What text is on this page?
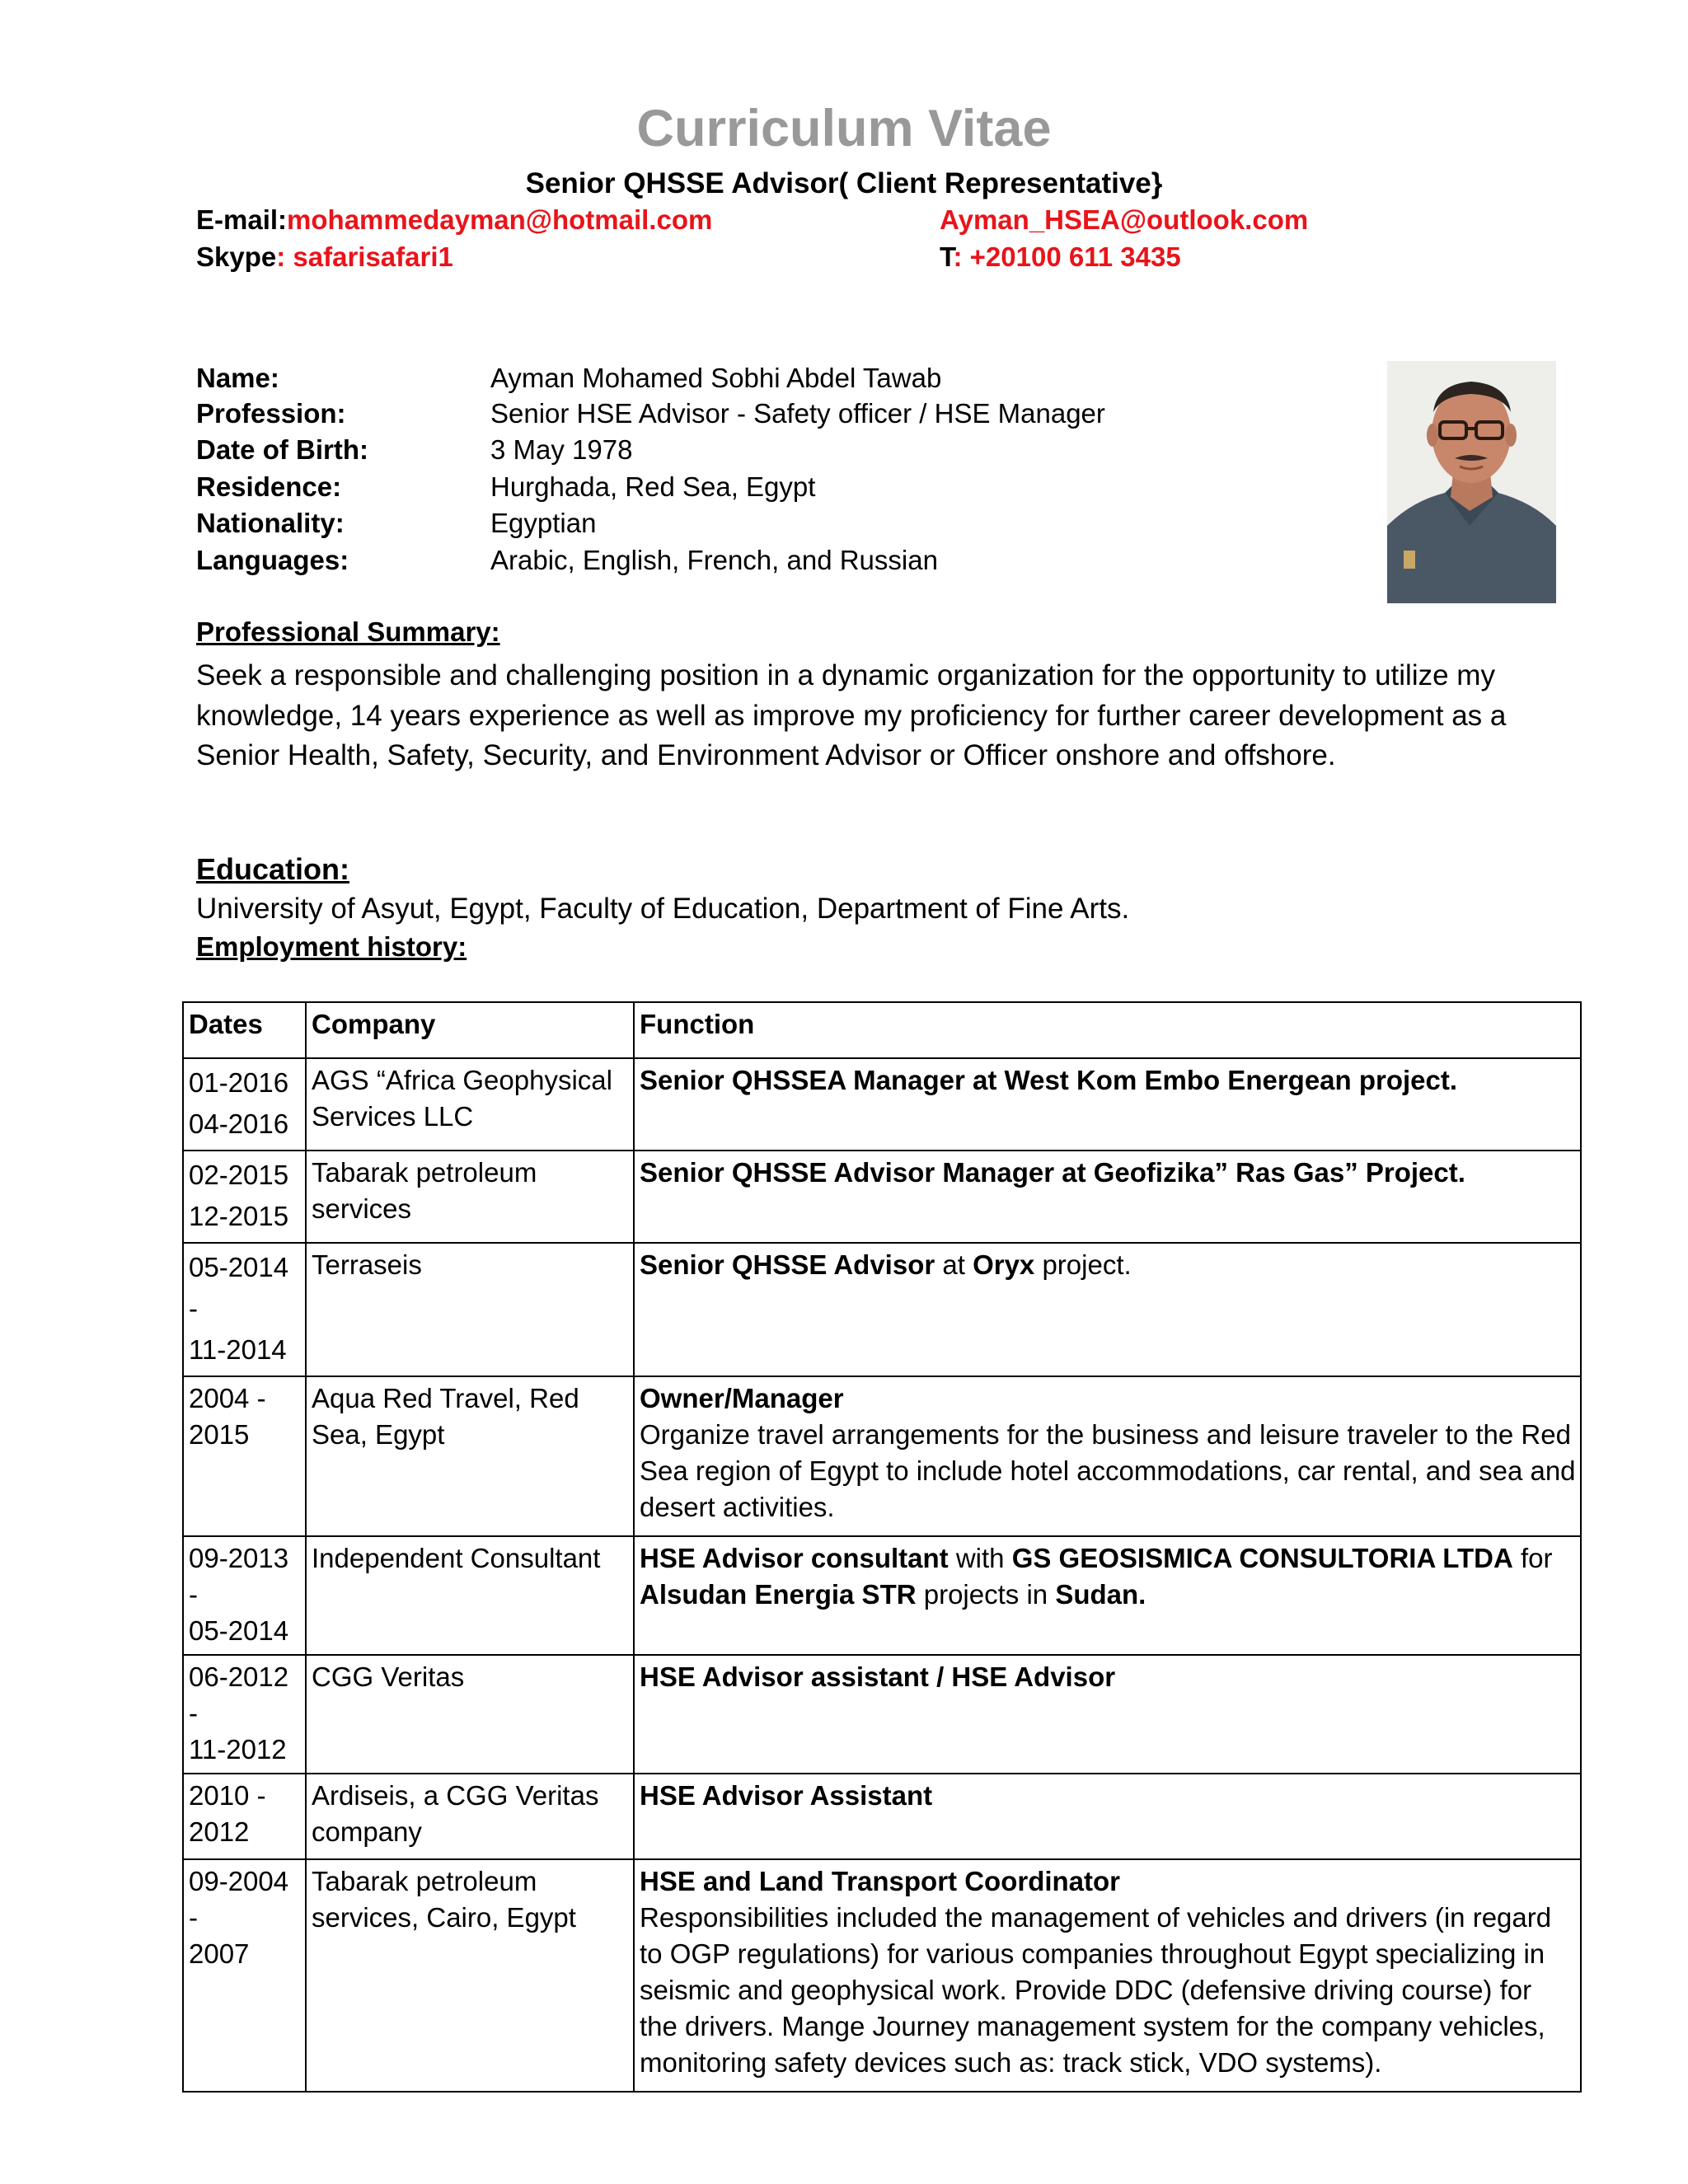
Curriculum Vitae
Senior QHSSE Advisor( Client Representative}
E-mail:mohammedayman@hotmail.com	Ayman_HSEA@outlook.com
Skype: safarisafari1	T: +20100 611 3435
Name:	Ayman Mohamed Sobhi Abdel Tawab
Profession:	Senior HSE Advisor - Safety officer / HSE Manager
Date of Birth:	3 May 1978
Residence:	Hurghada, Red Sea, Egypt
Nationality:	Egyptian
Languages:	Arabic, English, French, and Russian
Professional Summary:
Seek a responsible and challenging position in a dynamic organization for the opportunity to utilize my knowledge, 14 years experience as well as improve my proficiency for further career development as a Senior Health, Safety, Security, and Environment Advisor or Officer onshore and offshore.
Education:
University of Asyut, Egypt, Faculty of Education, Department of Fine Arts.
Employment history:
Dates	Company	Function

01-2016
04-2016	AGS “Africa Geophysical Services LLC	Senior QHSSEA Manager at West Kom Embo Energean project.

02-2015
12-2015	Tabarak petroleum services	Senior QHSSE Advisor Manager at Geofizika” Ras Gas” Project.

05-2014 -
11-2014	Terraseis	Senior QHSSE Advisor at Oryx project.

2004 -
2015	Aqua Red Travel, Red Sea, Egypt	Owner/Manager
Organize travel arrangements for the business and leisure traveler to the Red Sea region of Egypt to include hotel accommodations, car rental, and sea and desert activities.

09-2013 -
05-2014	Independent Consultant	HSE Advisor consultant with GS GEOSISMICA CONSULTORIA LTDA for Alsudan Energia STR projects in Sudan.

06-2012 -
11-2012	CGG Veritas	HSE Advisor assistant / HSE Advisor

2010 -
2012	Ardiseis, a CGG Veritas company	HSE Advisor Assistant

09-2004 -
2007	Tabarak petroleum services, Cairo, Egypt	HSE and Land Transport Coordinator
Responsibilities included the management of vehicles and drivers (in regard to OGP regulations) for various companies throughout Egypt specializing in seismic and geophysical work. Provide DDC (defensive driving course) for the drivers. Mange Journey management system for the company vehicles, monitoring safety devices such as: track stick, VDO systems).
